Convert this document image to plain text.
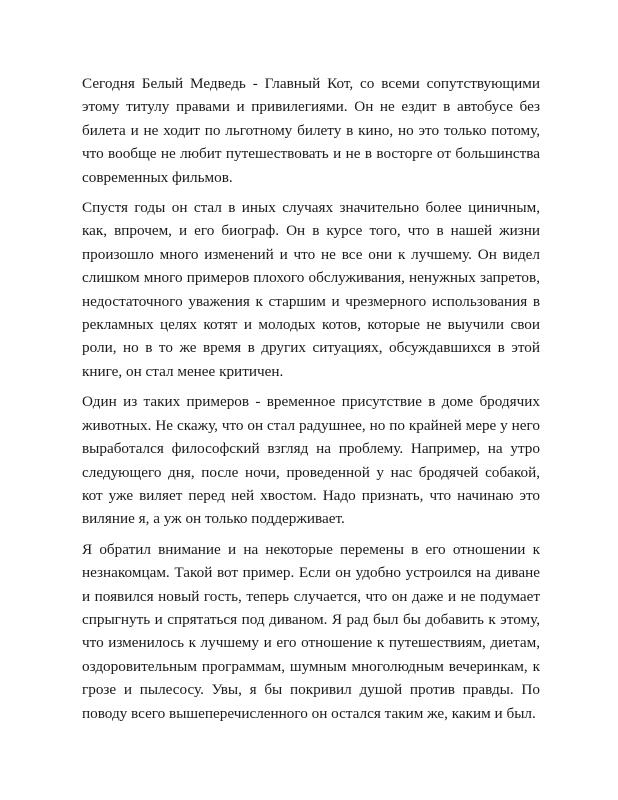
Сегодня Белый Медведь - Главный Кот, со всеми сопутствующими этому титулу правами и привилегиями. Он не ездит в автобусе без билета и не ходит по льготному билету в кино, но это только потому, что вообще не любит путешествовать и не в восторге от большинства современных фильмов.

Спустя годы он стал в иных случаях значительно более циничным, как, впрочем, и его биограф. Он в курсе того, что в нашей жизни произошло много изменений и что не все они к лучшему. Он видел слишком много примеров плохого обслуживания, ненужных запретов, недостаточного уважения к старшим и чрезмерного использования в рекламных целях котят и молодых котов, которые не выучили свои роли, но в то же время в других ситуациях, обсуждавшихся в этой книге, он стал менее критичен.

Один из таких примеров - временное присутствие в доме бродячих животных. Не скажу, что он стал радушнее, но по крайней мере у него выработался философский взгляд на проблему. Например, на утро следующего дня, после ночи, проведенной у нас бродячей собакой, кот уже виляет перед ней хвостом. Надо признать, что начинаю это виляние я, а уж он только поддерживает.

Я обратил внимание и на некоторые перемены в его отношении к незнакомцам. Такой вот пример. Если он удобно устроился на диване и появился новый гость, теперь случается, что он даже и не подумает спрыгнуть и спрятаться под диваном. Я рад был бы добавить к этому, что изменилось к лучшему и его отношение к путешествиям, диетам, оздоровительным программам, шумным многолюдным вечеринкам, к грозе и пылесосу. Увы, я бы покривил душой против правды. По поводу всего вышеперечисленного он остался таким же, каким и был.
